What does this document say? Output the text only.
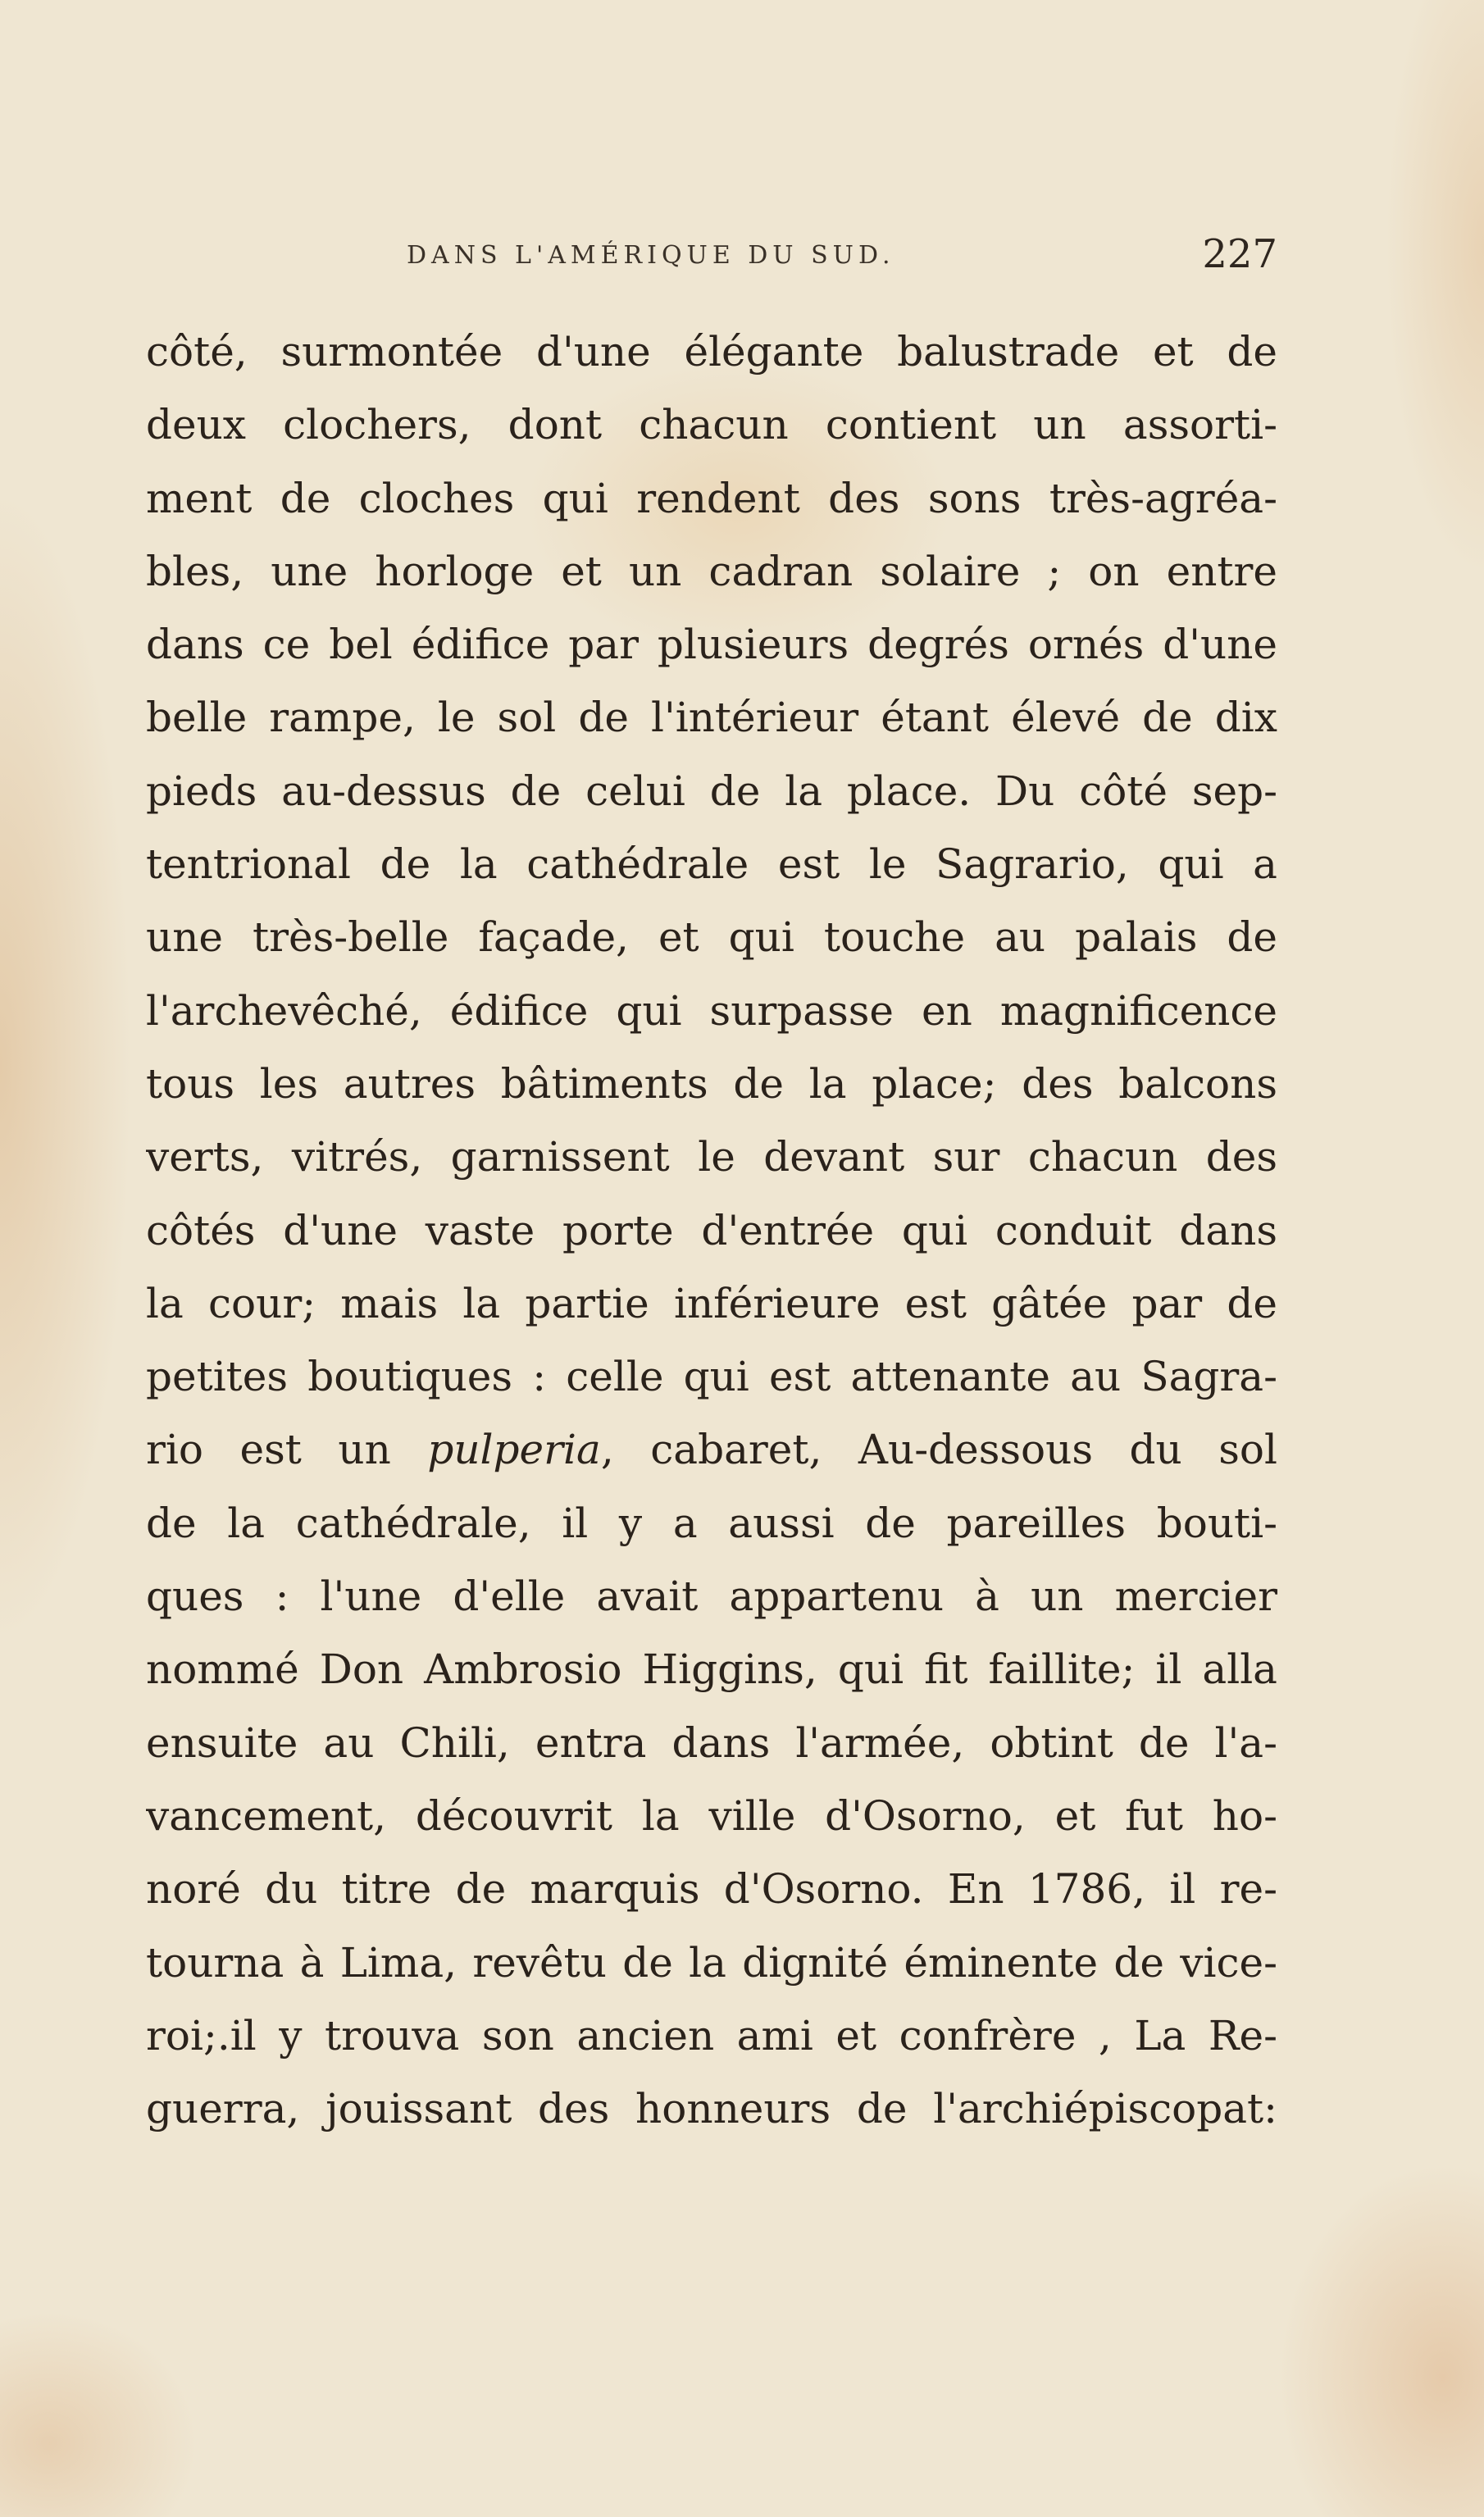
DANS L'AMÉRIQUE DU SUD.	227
côté, surmontée d'une élégante balustrade et de
deux clochers, dont chacun contient un assorti-
ment de cloches qui rendent des sons très-agréa-
bles, une horloge et un cadran solaire ; on entre
dans ce bel édifice par plusieurs degrés ornés d'une
belle rampe, le sol de l'intérieur étant élevé de dix
pieds au-dessus de celui de la place. Du côté sep-
tentrional de la cathédrale est le Sagrario, qui a
une très-belle façade, et qui touche au palais de
l'archevêché, édifice qui surpasse en magnificence
tous les autres bâtiments de la place; des balcons
verts, vitrés, garnissent le devant sur chacun des
côtés d'une vaste porte d'entrée qui conduit dans
la cour; mais la partie inférieure est gâtée par de
petites boutiques : celle qui est attenante au Sagra-
rio est un pulperia, cabaret, Au-dessous du sol
de la cathédrale, il y a aussi de pareilles bouti-
ques : l'une d'elle avait appartenu à un mercier
nommé Don Ambrosio Higgins, qui fit faillite; il alla
ensuite au Chili, entra dans l'armée, obtint de l'a-
vancement, découvrit la ville d'Osorno, et fut ho-
noré du titre de marquis d'Osorno. En 1786, il re-
tourna à Lima, revêtu de la dignité éminente de vice-
roi;.il y trouva son ancien ami et confrère , La Re-
guerra, jouissant des honneurs de l'archiépiscopat:
